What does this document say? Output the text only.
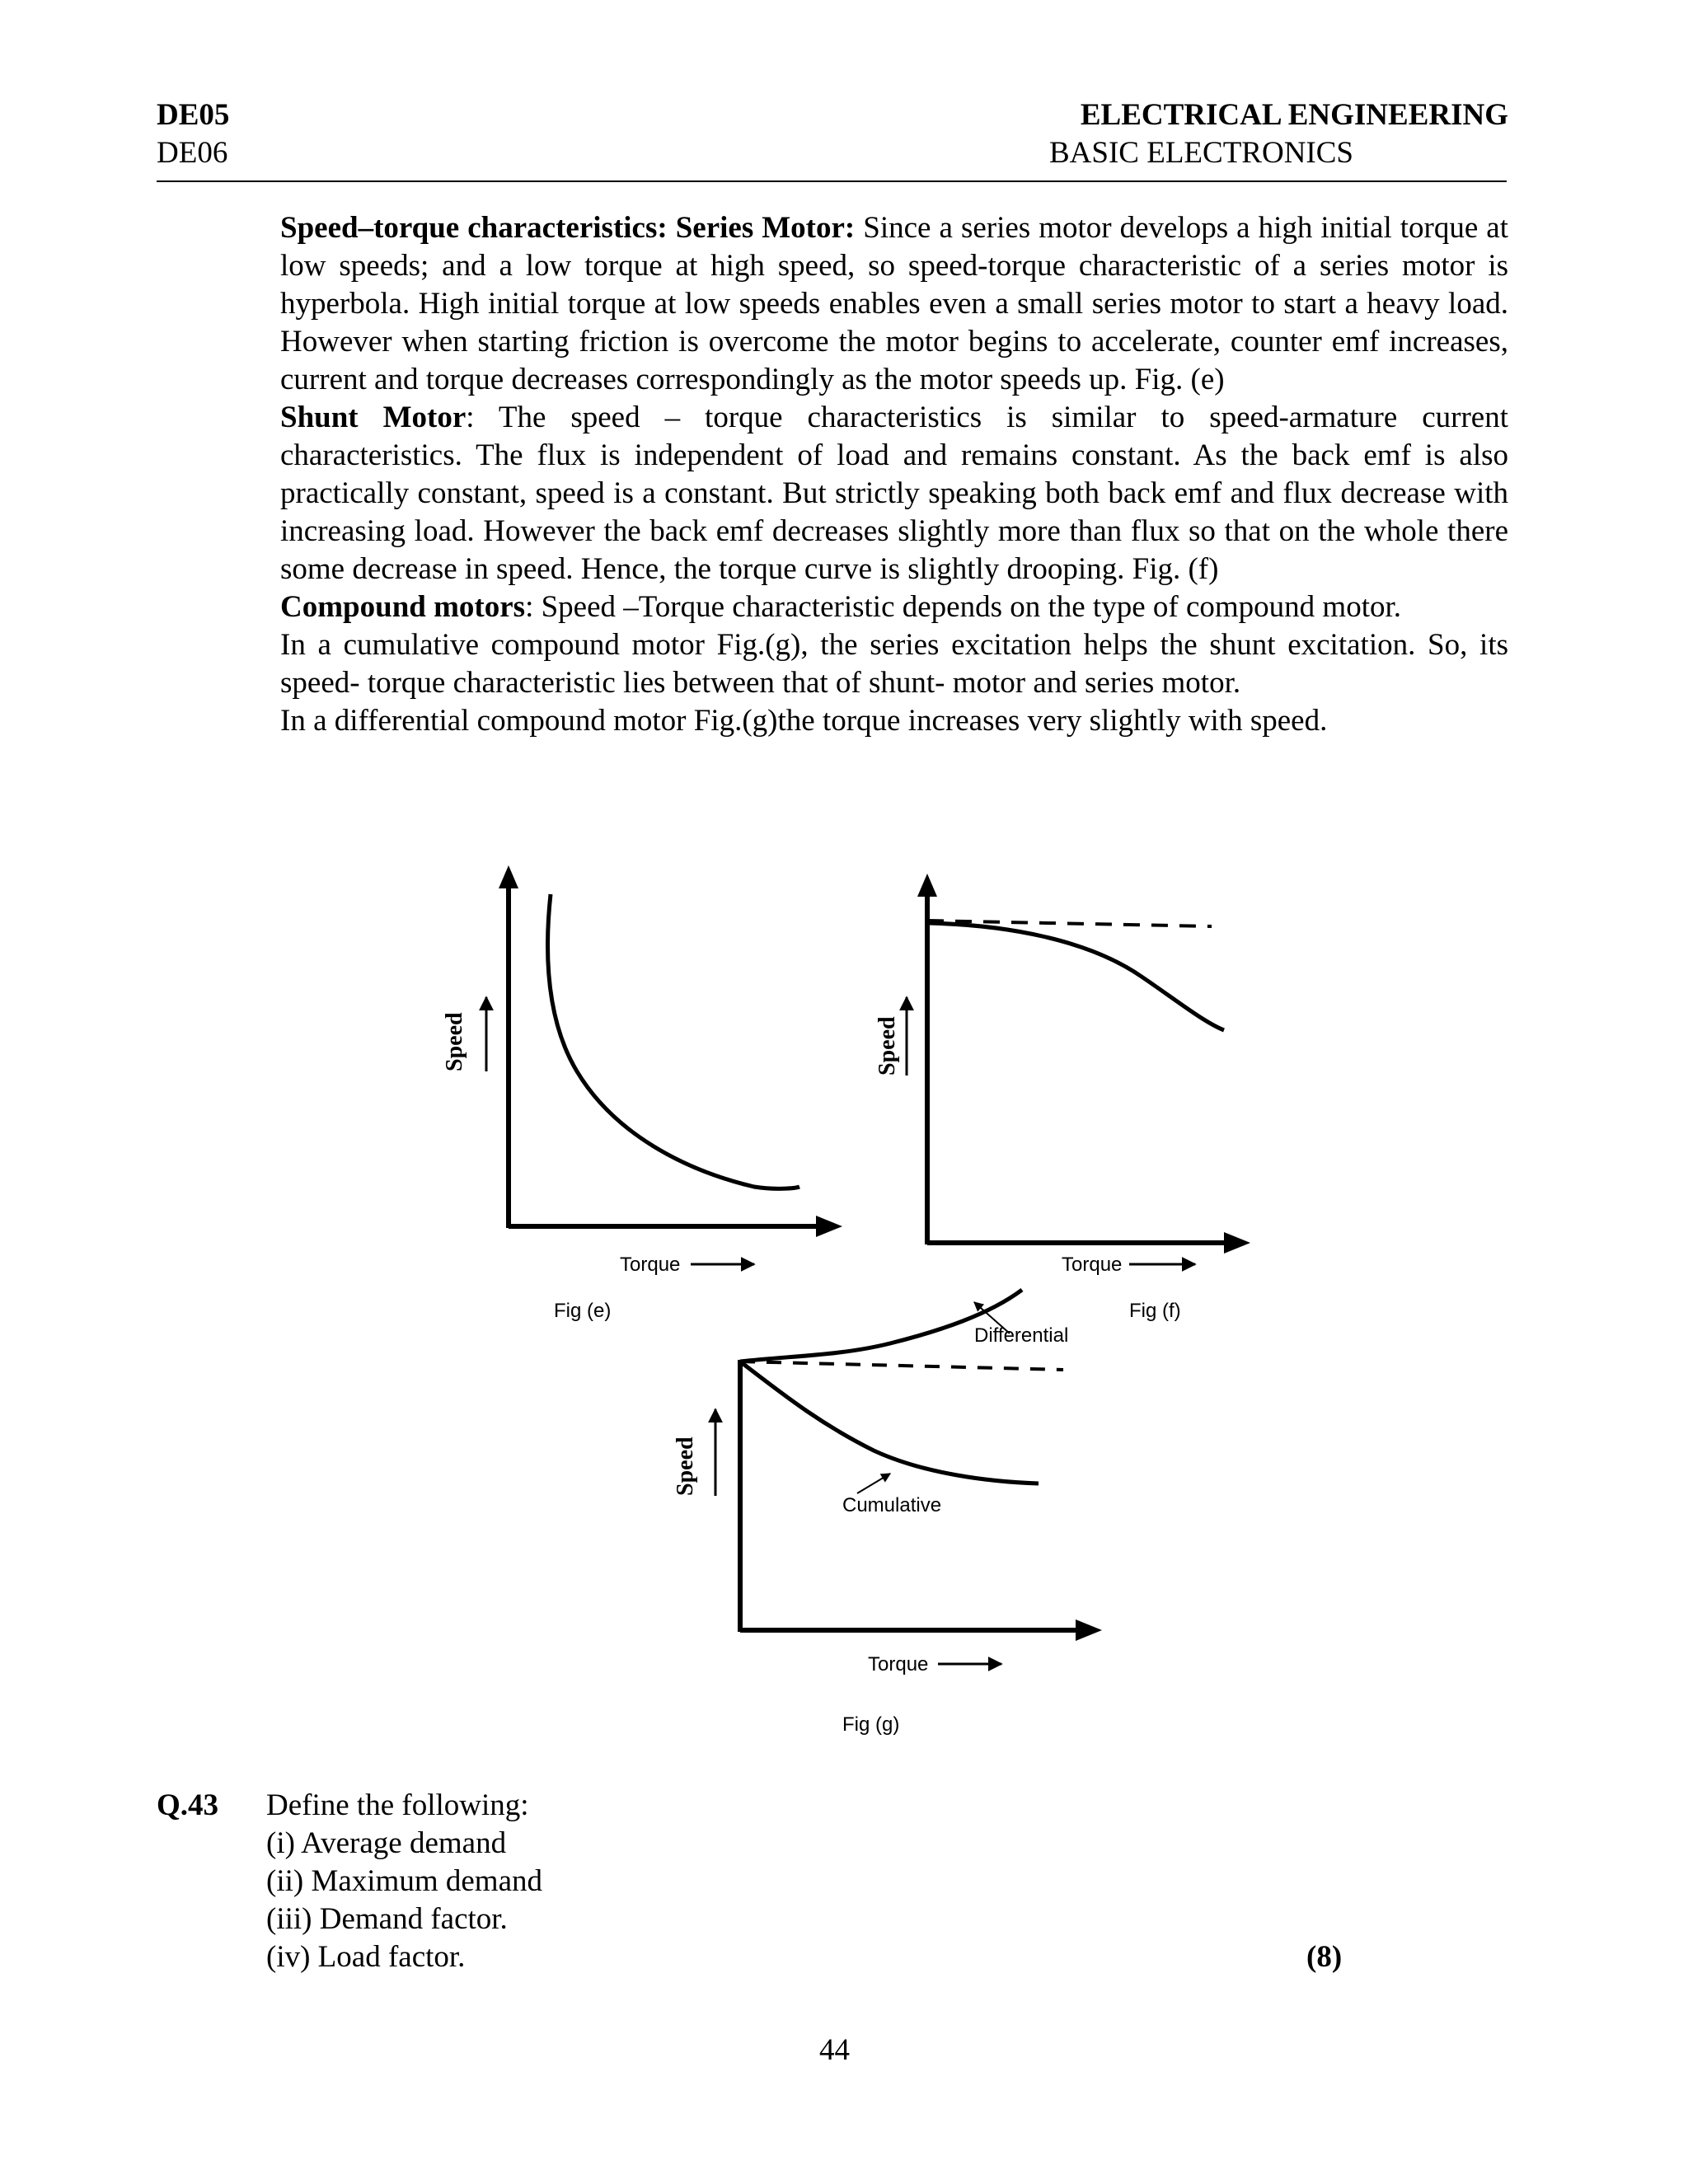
DE05
DE06
ELECTRICAL ENGINEERING
BASIC ELECTRONICS

Speed–torque characteristics: Series Motor: Since a series motor develops a high initial torque at low speeds; and a low torque at high speed, so speed-torque characteristic of a series motor is hyperbola. High initial torque at low speeds enables even a small series motor to start a heavy load. However when starting friction is overcome the motor begins to accelerate, counter emf increases, current and torque decreases correspondingly as the motor speeds up. Fig. (e)

Shunt Motor: The speed – torque characteristics is similar to speed-armature current characteristics. The flux is independent of load and remains constant. As the back emf is also practically constant, speed is a constant. But strictly speaking both back emf and flux decrease with increasing load. However the back emf decreases slightly more than flux so that on the whole there some decrease in speed. Hence, the torque curve is slightly drooping. Fig. (f)

Compound motors: Speed –Torque characteristic depends on the type of compound motor.

In a cumulative compound motor Fig.(g), the series excitation helps the shunt excitation. So, its speed- torque characteristic lies between that of shunt- motor and series motor.

In a differential compound motor Fig.(g)the torque increases very slightly with speed.

Speed
Torque
Fig (e)
Speed
Torque
Fig (f)
Differential
Cumulative
Speed
Torque
Fig (g)
Q.43 Define the following:
(i) Average demand
(ii) Maximum demand
(iii) Demand factor.
(iv) Load factor.	(8)
44
